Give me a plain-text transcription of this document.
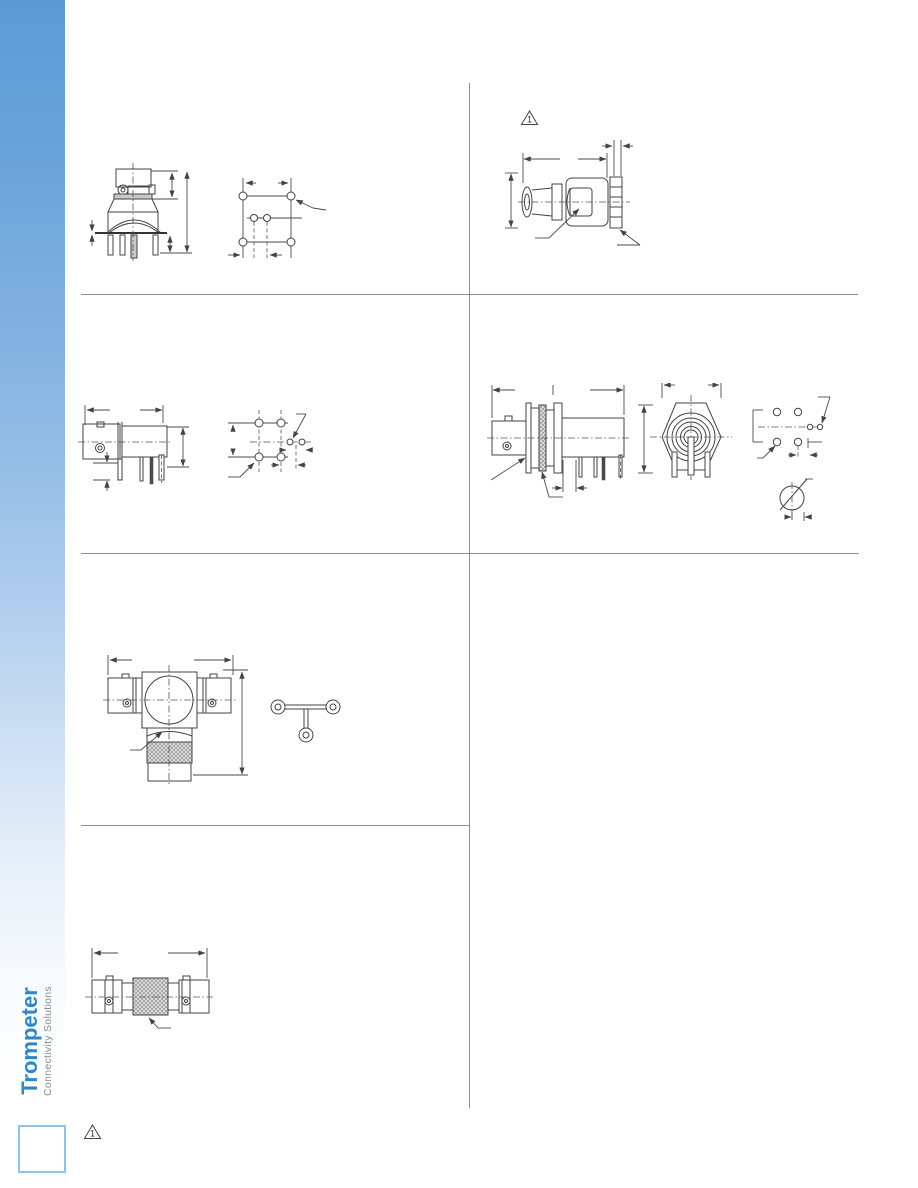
1
1
Trompeter Connectivity Solutions
